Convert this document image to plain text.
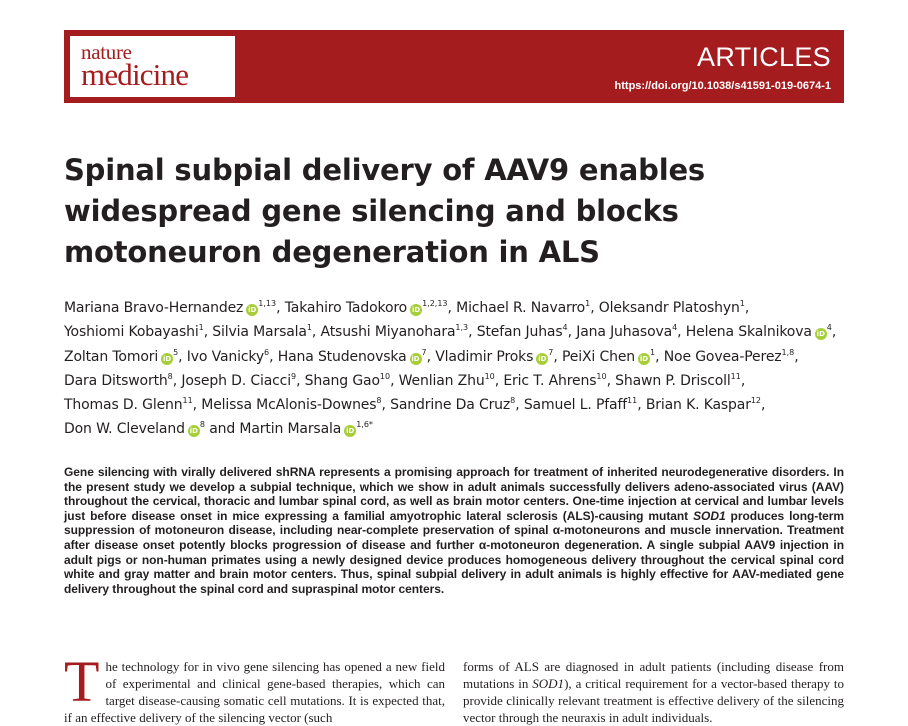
nature
medicine	ARTICLES
https://doi.org/10.1038/s41591-019-0674-1
Spinal subpial delivery of AAV9 enables widespread gene silencing and blocks motoneuron degeneration in ALS
Mariana Bravo-Hernandez iD$^{1,13}$, Takahiro Tadokoro iD$^{1,2,13}$, Michael R. Navarro$^1$, Oleksandr Platoshyn$^1$, Yoshiomi Kobayashi$^1$, Silvia Marsala$^1$, Atsushi Miyanohara$^{1,3}$, Stefan Juhas$^4$, Jana Juhasova$^4$, Helena Skalnikova $iD^4$, Zoltan Tomori $iD^5$, Ivo Vanicky$^6$, Hana Studenovska $iD^7$, Vladimir Proks $iD^7$, PeiXi Chen $iD^1$, Noe Govea-Perez$^{1,8}$, Dara Ditsworth$^8$, Joseph D. Ciacci$^9$, Shang Gao$^{10}$, Wenlian Zhu$^{10}$, Eric T. Ahrens$^{10}$, Shawn P. Driscoll$^{11}$, Thomas D. Glenn$^{11}$, Melissa McAlonis-Downes$^8$, Sandrine Da Cruz$^8$, Samuel L. Pfaff$^{11}$, Brian K. Kaspar$^{12}$, Don W. Cleveland $iD^8$ and Martin Marsala $iD^{1,6*}$

Gene silencing with virally delivered shRNA represents a promising approach for treatment of inherited neurodegenerative disorders. In the present study we develop a subpial technique, which we show in adult animals successfully delivers adeno-associated virus (AAV) throughout the cervical, thoracic and lumbar spinal cord, as well as brain motor centers. One-time injection at cervical and lumbar levels just before disease onset in mice expressing a familial amyotrophic lateral sclerosis (ALS)-causing mutant SOD1 produces long-term suppression of motoneuron disease, including near-complete preservation of spinal α-motoneurons and muscle innervation. Treatment after disease onset potently blocks progression of disease and further α-motoneuron degeneration. A single subpial AAV9 injection in adult pigs or non-human primates using a newly designed device produces homogeneous delivery throughout the cervical spinal cord white and gray matter and brain motor centers. Thus, spinal subpial delivery in adult animals is highly effective for AAV-mediated gene delivery throughout the spinal cord and supraspinal motor centers.

The technology for in vivo gene silencing has opened a new field of experimental and clinical gene-based therapies, which can target disease-causing somatic cell mutations. It is expected that, if an effective delivery of the silencing vector (such

forms of ALS are diagnosed in adult patients (including disease from mutations in SOD1), a critical requirement for a vector-based therapy to provide clinically relevant treatment is effective delivery of the silencing vector through the neuraxis in adult individuals.
